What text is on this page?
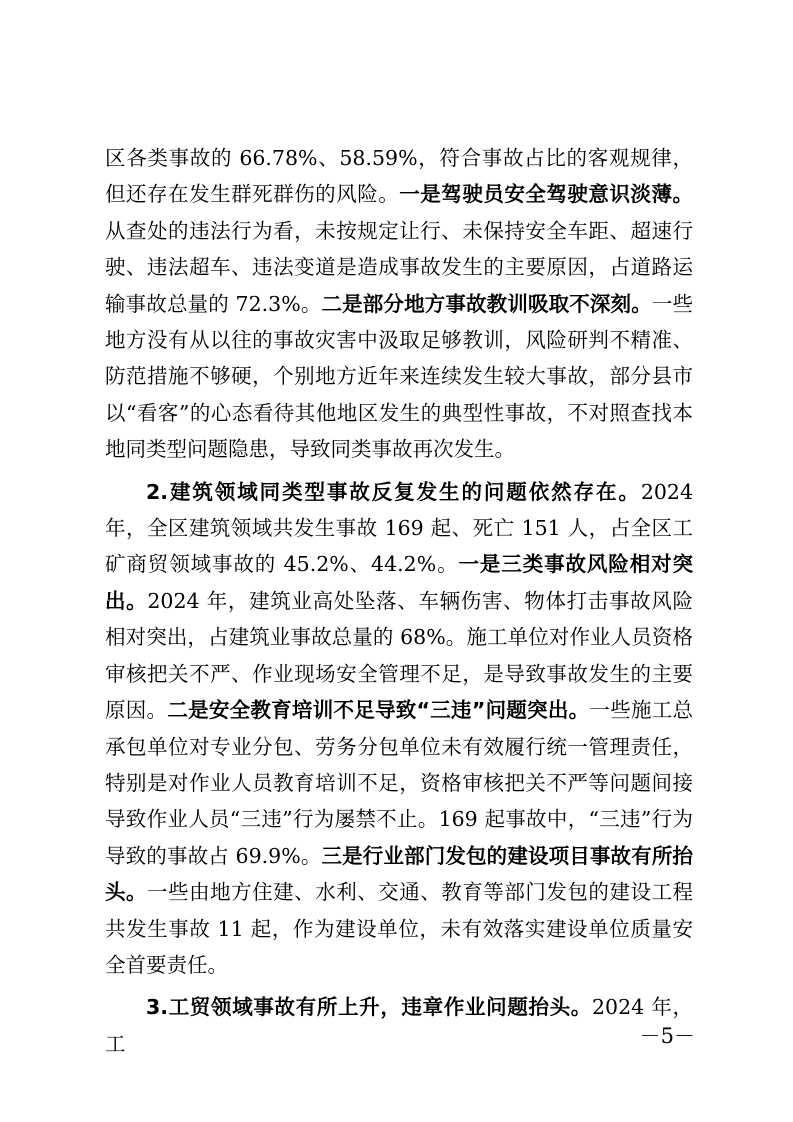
区各类事故的 66.78%、58.59%，符合事故占比的客观规律，但还存在发生群死群伤的风险。一是驾驶员安全驾驶意识淡薄。从查处的违法行为看，未按规定让行、未保持安全车距、超速行驶、违法超车、违法变道是造成事故发生的主要原因，占道路运输事故总量的 72.3%。二是部分地方事故教训吸取不深刻。一些地方没有从以往的事故灾害中汲取足够教训，风险研判不精准、防范措施不够硬，个别地方近年来连续发生较大事故，部分县市以“看客”的心态看待其他地区发生的典型性事故，不对照查找本地同类型问题隐患，导致同类事故再次发生。

2.建筑领域同类型事故反复发生的问题依然存在。2024 年，全区建筑领域共发生事故 169 起、死亡 151 人，占全区工矿商贸领域事故的 45.2%、44.2%。一是三类事故风险相对突出。2024 年，建筑业高处坠落、车辆伤害、物体打击事故风险相对突出，占建筑业事故总量的 68%。施工单位对作业人员资格审核把关不严、作业现场安全管理不足，是导致事故发生的主要原因。二是安全教育培训不足导致“三违”问题突出。一些施工总承包单位对专业分包、劳务分包单位未有效履行统一管理责任，特别是对作业人员教育培训不足，资格审核把关不严等问题间接导致作业人员“三违”行为屡禁不止。169 起事故中，“三违”行为导致的事故占 69.9%。三是行业部门发包的建设项目事故有所抬头。一些由地方住建、水利、交通、教育等部门发包的建设工程共发生事故 11 起，作为建设单位，未有效落实建设单位质量安全首要责任。

3.工贸领域事故有所上升，违章作业问题抬头。2024 年，工	－5－
